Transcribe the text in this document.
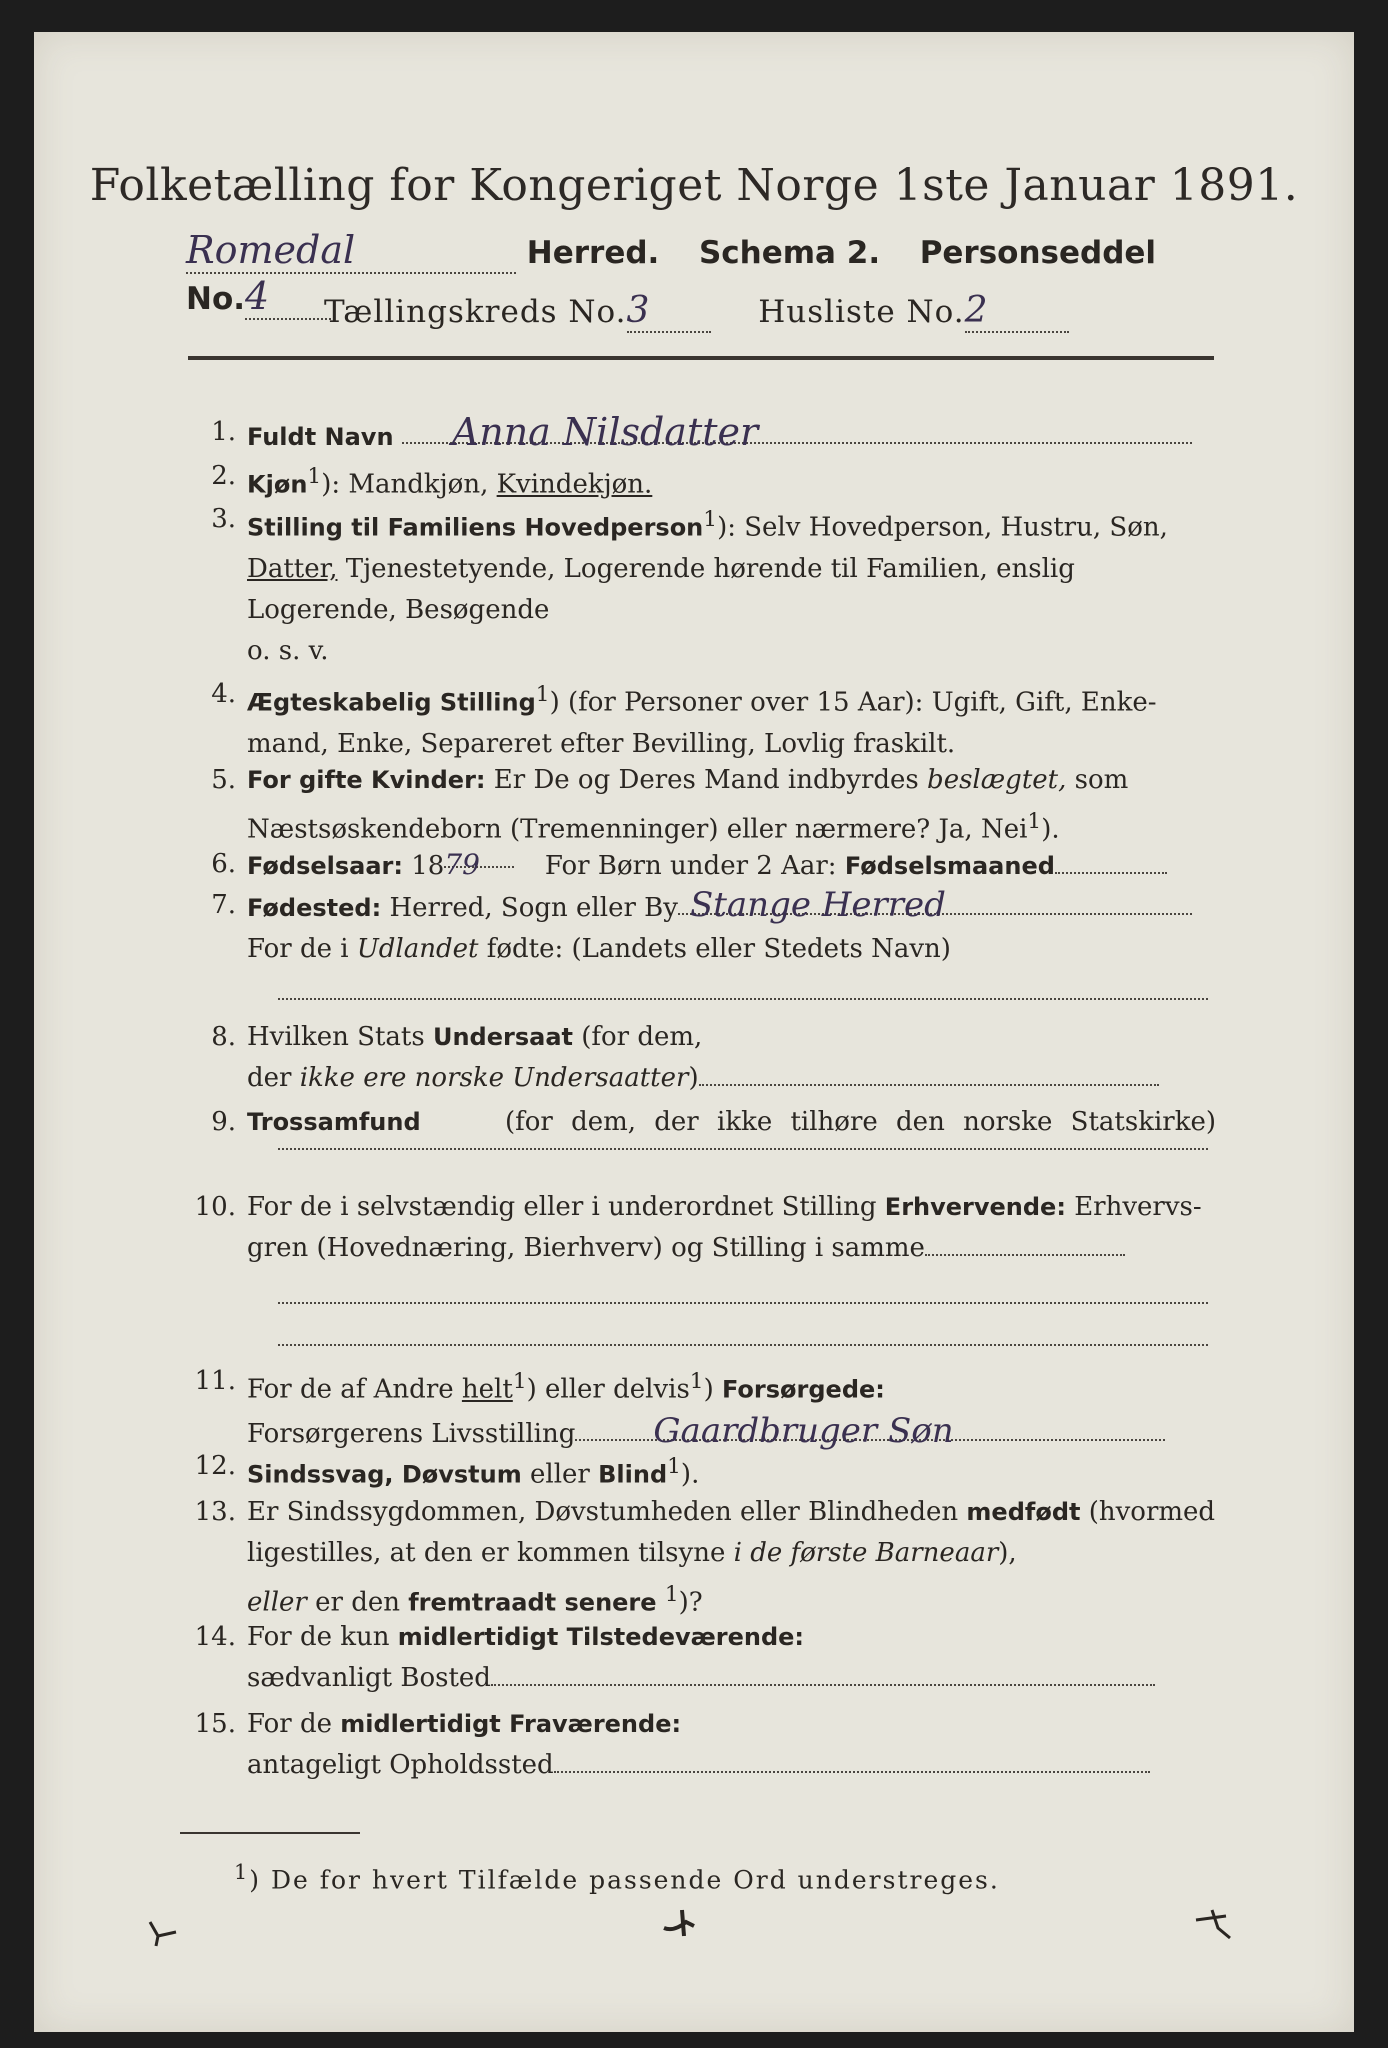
Folketælling for Kongeriget Norge 1ste Januar 1891.
Romedal	Herred. Schema 2. Personseddel No.4	Tællingskreds No.3	Husliste No.2
1. Fuldt Navn Anna Nilsdatter
2. Kjøn$^1$): Mandkjøn, Kvindekjøn.
3. Stilling til Familiens Hovedperson$^1$): Selv Hovedperson, Hustru, Søn,
Datter, Tjenestetyende, Logerende hørende til Familien, enslig
Logerende, Besøgende
o. s. v.
4. Ægteskabelig Stilling$^1$) (for Personer over 15 Aar): Ugift, Gift, Enke-
mand, Enke, Separeret efter Bevilling, Lovlig fraskilt.
5. For gifte Kvinder: Er De og Deres Mand indbyrdes beslægtet, som
Næstsøskendeborn (Tremenninger) eller nærmere? Ja, Nei$^1$).
6. Fødselsaar: 1879 For Børn under 2 Aar: Fødselsmaaned
7. Fødested: Herred, Sogn eller By Stange Herred
For de i Udlandet fødte: (Landets eller Stedets Navn)
8. Hvilken Stats Undersaat (for dem,
der ikke ere norske Undersaatter)
9. Trossamfund	(for dem, der ikke tilhøre den norske Statskirke)
10. For de i selvstændig eller i underordnet Stilling Erhvervende: Erhvervs-
gren (Hovednæring, Bierhverv) og Stilling i samme
11. For de af Andre helt$^1$) eller delvis$^1$) Forsørgede:
Forsørgerens Livsstilling Gaardbruger Søn
12. Sindssvag, Døvstum eller Blind$^1$).
13. Er Sindssygdommen, Døvstumheden eller Blindheden medfødt (hvormed
ligestilles, at den er kommen tilsyne i de første Barneaar),
eller er den fremtraadt senere $^1$)?
14. For de kun midlertidigt Tilstedeværende:
sædvanligt Bosted
15. For de midlertidigt Fraværende:
antageligt Opholdssted
$^1$) De for hvert Tilfælde passende Ord understreges.
